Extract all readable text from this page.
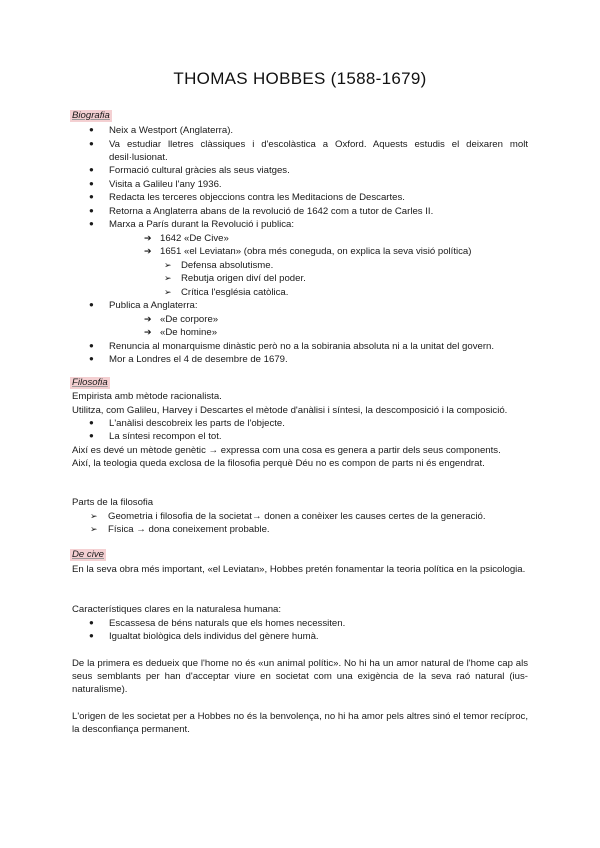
THOMAS HOBBES (1588-1679)
Biografia
● Neix a Westport (Anglaterra).
● Va estudiar lletres clàssiques i d'escolàstica a Oxford. Aquests estudis el deixaren molt desil·lusionat.
● Formació cultural gràcies als seus viatges.
● Visita a Galileu l'any 1936.
● Redacta les terceres objeccions contra les Meditacions de Descartes.
● Retorna a Anglaterra abans de la revolució de 1642 com a tutor de Carles II.
● Marxa a París durant la Revolució i publica:
➔ 1642 «De Cive»
➔ 1651 «el Leviatan» (obra més coneguda, on explica la seva visió política)
➢ Defensa absolutisme.
➢ Rebutja origen diví del poder.
➢ Crítica l'església catòlica.
● Publica a Anglaterra:
➔ «De corpore»
➔ «De homine»
● Renuncia al monarquisme dinàstic però no a la sobirania absoluta ni a la unitat del govern.
● Mor a Londres el 4 de desembre de 1679.
Filosofia
Empirista amb mètode racionalista.
Utilitza, com Galileu, Harvey i Descartes el mètode d'anàlisi i síntesi, la descomposició i la composició.
● L'anàlisi descobreix les parts de l'objecte.
● La síntesi recompon el tot.
Així es devé un mètode genètic → expressa com una cosa es genera a partir dels seus components.
Així, la teologia queda exclosa de la filosofia perquè Déu no es compon de parts ni és engendrat.
Parts de la filosofia
➢ Geometria i filosofia de la societat→ donen a conèixer les causes certes de la generació.
➢ Física → dona coneixement probable.
De cive

En la seva obra més important, «el Leviatan», Hobbes pretén fonamentar la teoria política en la psicologia.

Característiques clares en la naturalesa humana:
● Escassesa de béns naturals que els homes necessiten.
● Igualtat biològica dels individus del gènere humà.

De la primera es dedueix que l'home no és «un animal polític». No hi ha un amor natural de l'home cap als seus semblants per han d'acceptar viure en societat com una exigència de la seva raó natural (ius-naturalisme).

L'origen de les societat per a Hobbes no és la benvolença, no hi ha amor pels altres sinó el temor recíproc, la desconfiança permanent.
